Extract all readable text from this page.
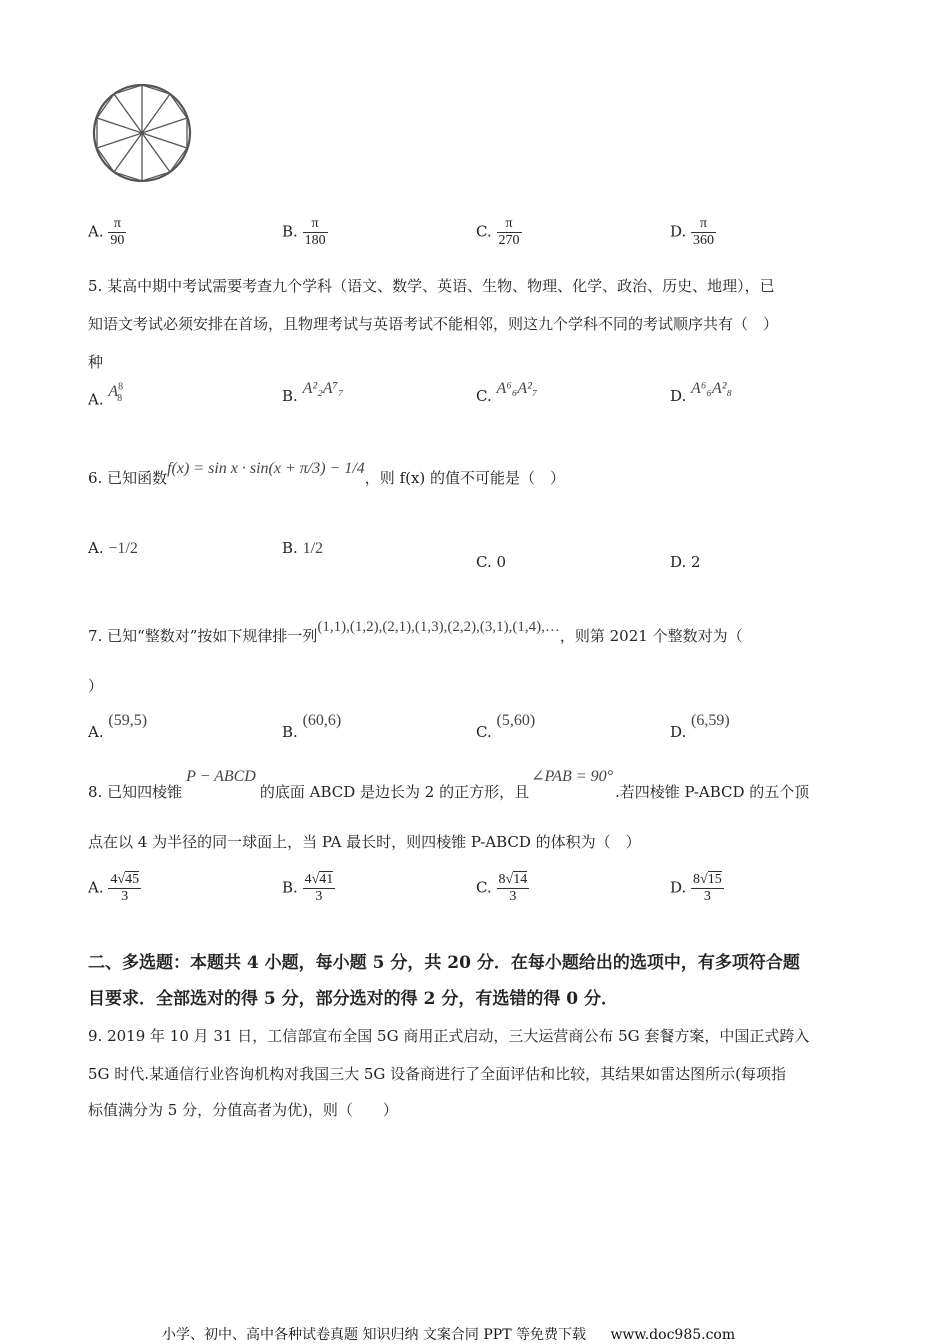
A. $\frac{\pi}{90}$	B. $\frac{\pi}{180}$	C. $\frac{\pi}{270}$	D. $\frac{\pi}{360}$
5. 某高中期中考试需要考查九个学科（语文、数学、英语、生物、物理、化学、政治、历史、地理），已
知语文考试必须安排在首场，且物理考试与英语考试不能相邻，则这九个学科不同的考试顺序共有（　）
种
A. $A^8_8$	B. A²₂A⁷₇	C. A⁶₆A²₇	D. A⁶₆A²₈
6. 已知函数f(x) = sin x · sin(x + π/3) − 1/4，则 f(x) 的值不可能是（　）
A. −1/2	B. 1/2
C. 0	D. 2
7. 已知“整数对”按如下规律排一列(1,1),(1,2),(2,1),(1,3),(2,2),(3,1),(1,4),…，则第 2021 个整数对为（
）
A. (59,5)
B. (60,6)
C. (5,60)
D. (6,59)
8. 已知四棱锥P − ABCD的底面 ABCD 是边长为 2 的正方形，且∠PAB = 90°.若四棱锥 P-ABCD 的五个顶
点在以 4 为半径的同一球面上，当 PA 最长时，则四棱锥 P-ABCD 的体积为（　）
A. $\frac{4√45}{3}$	B. $\frac{4√41}{3}$	C. $\frac{8√14}{3}$	D. $\frac{8√15}{3}$
二、多选题：本题共 4 小题，每小题 5 分，共 20 分．在每小题给出的选项中，有多项符合题
目要求．全部选对的得 5 分，部分选对的得 2 分，有选错的得 0 分．
9. 2019 年 10 月 31 日，工信部宣布全国 5G 商用正式启动，三大运营商公布 5G 套餐方案，中国正式跨入
5G 时代.某通信行业咨询机构对我国三大 5G 设备商进行了全面评估和比较，其结果如雷达图所示(每项指
标值满分为 5 分，分值高者为优)，则（　　）
小学、初中、高中各种试卷真题 知识归纳 文案合同 PPT 等免费下载 www.doc985.com
